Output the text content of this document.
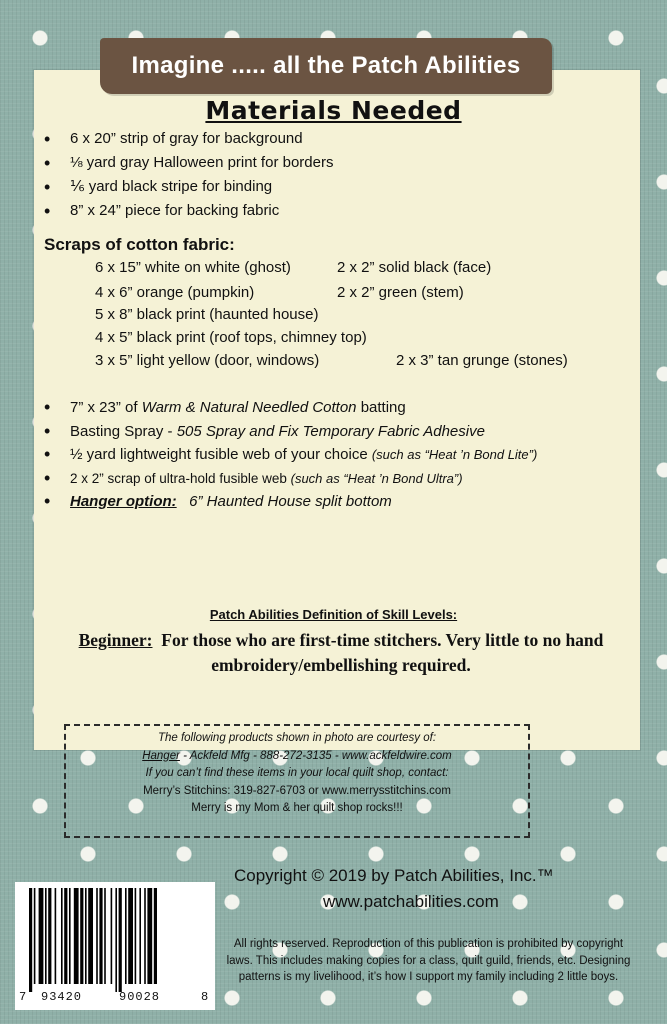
Imagine ..... all the Patch Abilities
Materials Needed
• 6 x 20” strip of gray for background
• ⅛ yard gray Halloween print for borders
• ⅙ yard black stripe for binding
• 8” x 24” piece for backing fabric
Scraps of cotton fabric:
6 x 15” white on white (ghost)	2 x 2” solid black (face)
4 x 6” orange (pumpkin)	2 x 2” green (stem)
5 x 8” black print (haunted house)
4 x 5” black print (roof tops, chimney top)
3 x 5” light yellow (door, windows)	2 x 3” tan grunge (stones)
• 7” x 23” of Warm & Natural Needled Cotton batting
• Basting Spray - 505 Spray and Fix Temporary Fabric Adhesive
• ½ yard lightweight fusible web of your choice (such as “Heat ’n Bond Lite”)
• 2 x 2” scrap of ultra-hold fusible web (such as “Heat ’n Bond Ultra”)
• Hanger option: 6” Haunted House split bottom
Patch Abilities Definition of Skill Levels:
Beginner: For those who are first-time stitchers. Very little to no hand embroidery/embellishing required.
The following products shown in photo are courtesy of:
Hanger - Ackfeld Mfg - 888-272-3135 - www.ackfeldwire.com
If you can’t find these items in your local quilt shop, contact:
Merry’s Stitchins: 319-827-6703 or www.merrysstitchins.com
Merry is my Mom & her quilt shop rocks!!!
Copyright © 2019 by Patch Abilities, Inc.™
www.patchabilities.com
7 93420	90028	8
All rights reserved. Reproduction of this publication is prohibited by copyright laws. This includes making copies for a class, quilt guild, friends, etc. Designing patterns is my livelihood, it’s how I support my family including 2 little boys.
